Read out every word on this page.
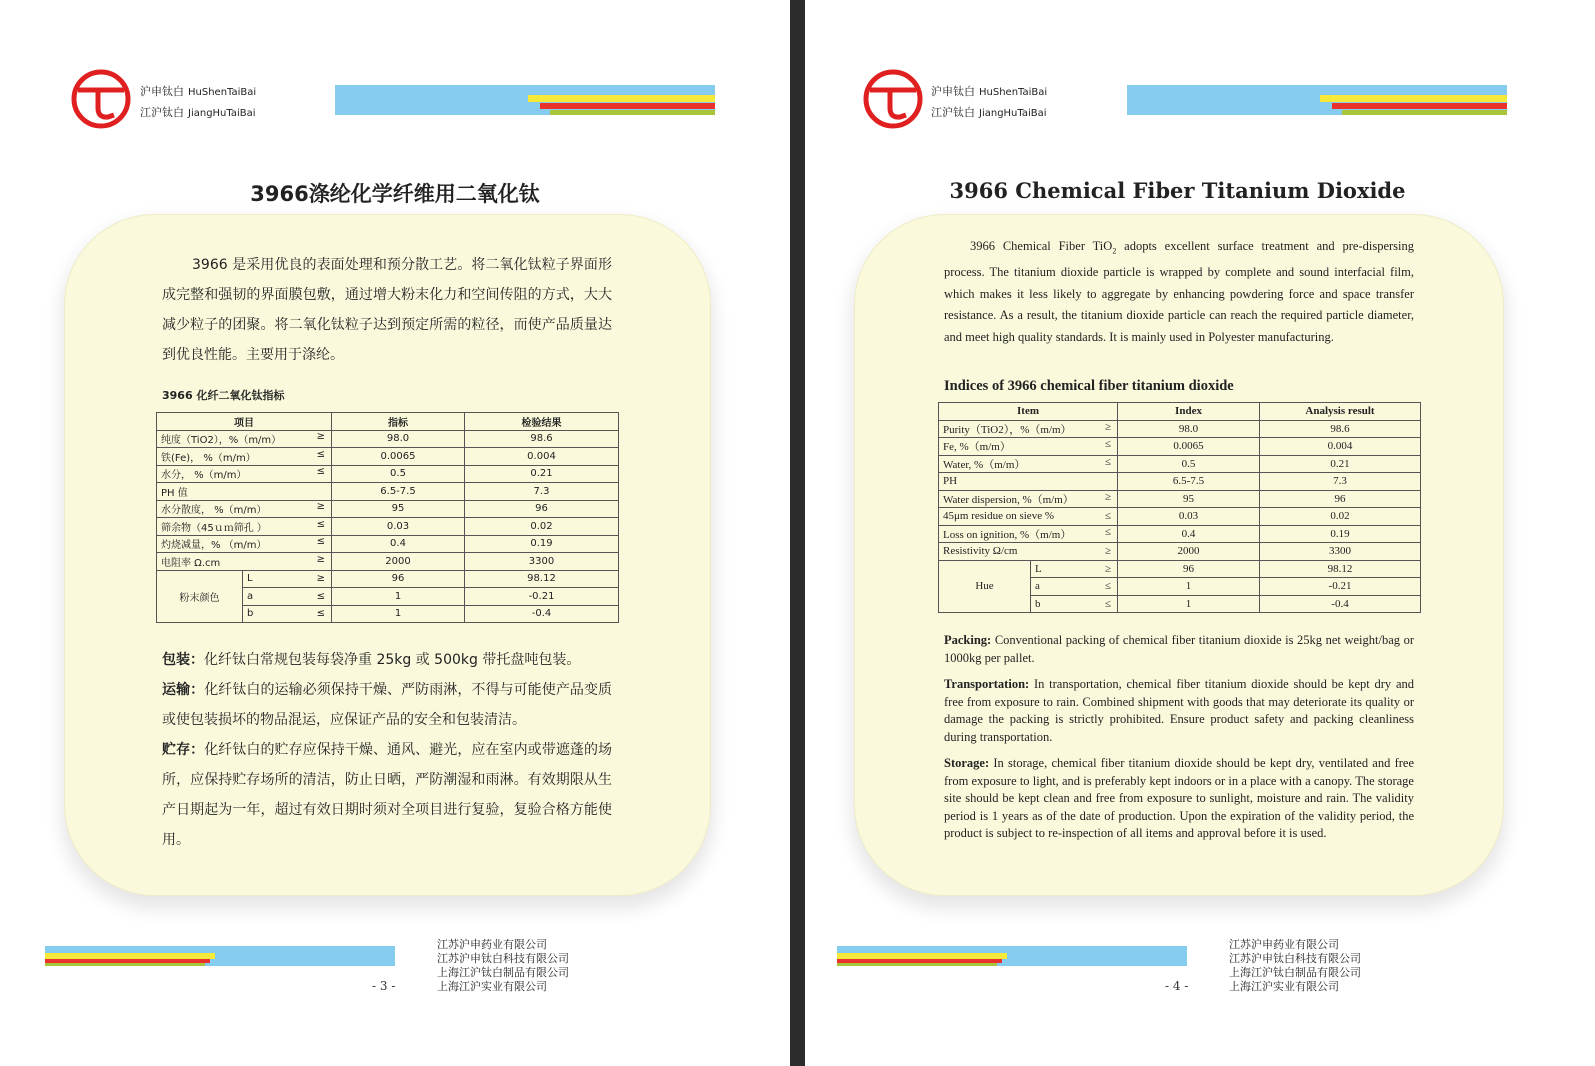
沪申钛白 HuShenTaiBai
江沪钛白 JiangHuTaiBai
3966涤纶化学纤维用二氧化钛
3966 是采用优良的表面处理和预分散工艺。将二氧化钛粒子界面形成完整和强韧的界面膜包敷，通过增大粉末化力和空间传阻的方式，大大减少粒子的团聚。将二氧化钛粒子达到预定所需的粒径，而使产品质量达到优良性能。主要用于涤纶。
3966 化纤二氧化钛指标
项目		指标	检验结果
纯度（TiO2），%（m/m） ≥		98.0	98.6
铁(Fe)， %（m/m） ≤		0.0065	0.004
水分， %（m/m） ≤		0.5	0.21
PH 值		6.5-7.5	7.3
水分散度， %（m/m） ≥		95	96
筛余物（45ｕｍ筛孔 ） ≤		0.03	0.02
灼烧减量，% （m/m） ≤		0.4	0.19
电阻率 Ω.cm ≥		2000	3300
粉末颜色	L ≥	96	98.12
	a ≤	1	-0.21
	b ≤	1	-0.4
包装：化纤钛白常规包装每袋净重 25kg 或 500kg 带托盘吨包装。
运输：化纤钛白的运输必须保持干燥、严防雨淋，不得与可能使产品变质或使包装损坏的物品混运，应保证产品的安全和包装清洁。
贮存：化纤钛白的贮存应保持干燥、通风、避光，应在室内或带遮蓬的场所，应保持贮存场所的清洁，防止日晒，严防潮湿和雨淋。有效期限从生产日期起为一年，超过有效日期时须对全项目进行复验，复验合格方能使用。
江苏沪申药业有限公司
江苏沪申钛白科技有限公司
上海江沪钛白制品有限公司
上海江沪实业有限公司
- 3 -
沪申钛白 HuShenTaiBai
江沪钛白 JiangHuTaiBai
3966 Chemical Fiber Titanium Dioxide
3966 Chemical Fiber TiO$_2$ adopts excellent surface treatment and pre-dispersing process. The titanium dioxide particle is wrapped by complete and sound interfacial film, which makes it less likely to aggregate by enhancing powdering force and space transfer resistance. As a result, the titanium dioxide particle can reach the required particle diameter, and meet high quality standards. It is mainly used in Polyester manufacturing.
Indices of 3966 chemical fiber titanium dioxide
Item		Index	Analysis result
Purity（TiO2），%（m/m） ≥		98.0	98.6
Fe, %（m/m） ≤		0.0065	0.004
Water, %（m/m） ≤		0.5	0.21
PH		6.5-7.5	7.3
Water dispersion, %（m/m） ≥		95	96
45μm residue on sieve % ≤		0.03	0.02
Loss on ignition, %（m/m） ≤		0.4	0.19
Resistivity Ω/cm ≥		2000	3300
Hue	L ≥	96	98.12
	a ≤	1	-0.21
	b ≤	1	-0.4
Packing: Conventional packing of chemical fiber titanium dioxide is 25kg net weight/bag or 1000kg per pallet.
Transportation: In transportation, chemical fiber titanium dioxide should be kept dry and free from exposure to rain. Combined shipment with goods that may deteriorate its quality or damage the packing is strictly prohibited. Ensure product safety and packing cleanliness during transportation.
Storage: In storage, chemical fiber titanium dioxide should be kept dry, ventilated and free from exposure to light, and is preferably kept indoors or in a place with a canopy. The storage site should be kept clean and free from exposure to sunlight, moisture and rain. The validity period is 1 years as of the date of production. Upon the expiration of the validity period, the product is subject to re-inspection of all items and approval before it is used.
江苏沪申药业有限公司
江苏沪申钛白科技有限公司
上海江沪钛白制品有限公司
上海江沪实业有限公司
- 4 -
